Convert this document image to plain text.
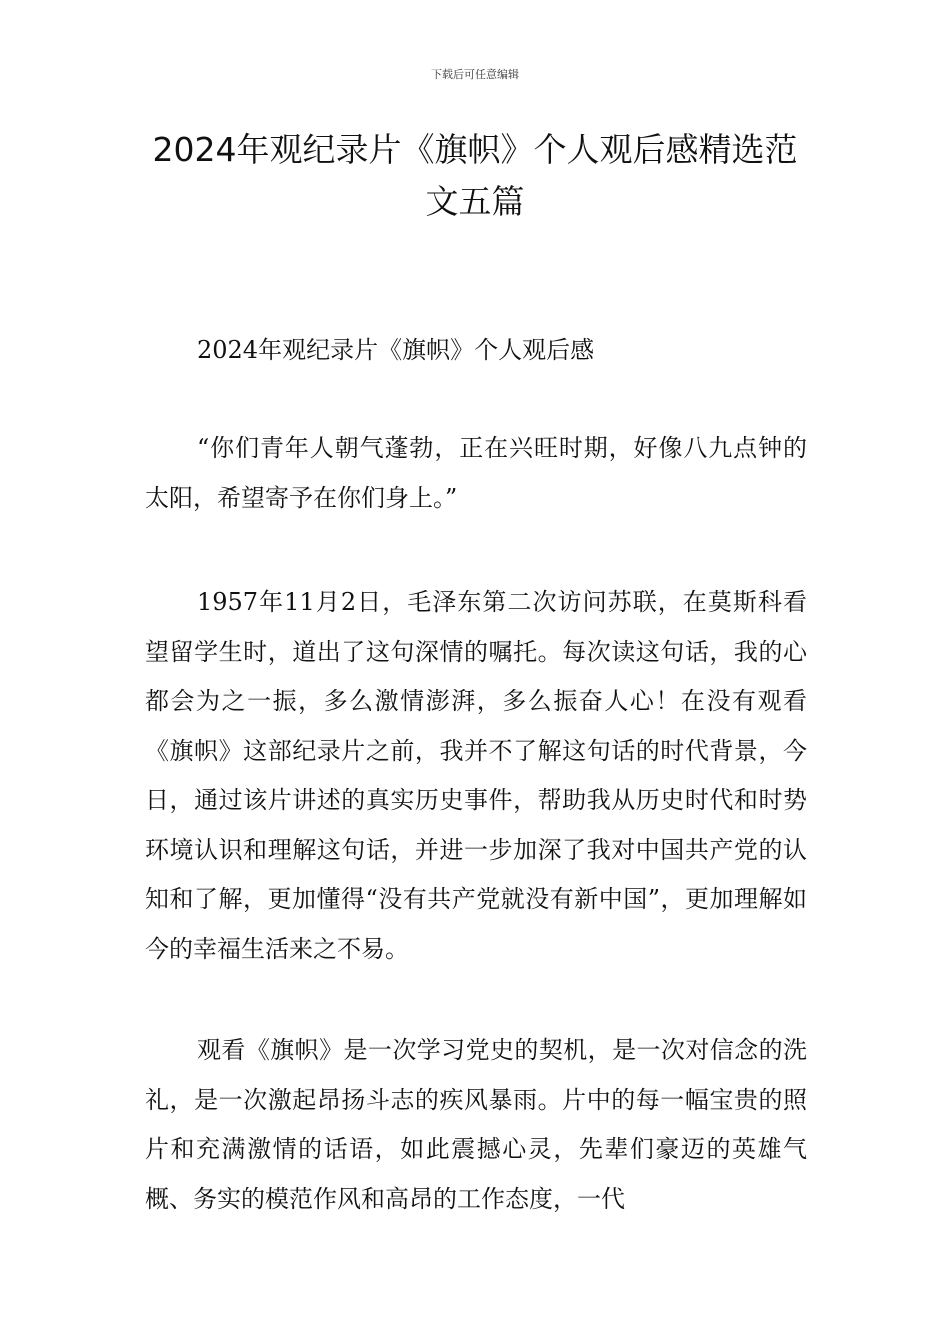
下载后可任意编辑
2024年观纪录片《旗帜》个人观后感精选范文五篇
2024年观纪录片《旗帜》个人观后感

“你们青年人朝气蓬勃，正在兴旺时期，好像八九点钟的太阳，希望寄予在你们身上。”

1957年11月2日，毛泽东第二次访问苏联，在莫斯科看望留学生时，道出了这句深情的嘱托。每次读这句话，我的心都会为之一振，多么激情澎湃，多么振奋人心！在没有观看《旗帜》这部纪录片之前，我并不了解这句话的时代背景，今日，通过该片讲述的真实历史事件，帮助我从历史时代和时势环境认识和理解这句话，并进一步加深了我对中国共产党的认知和了解，更加懂得“没有共产党就没有新中国”，更加理解如今的幸福生活来之不易。

观看《旗帜》是一次学习党史的契机，是一次对信念的洗礼，是一次激起昂扬斗志的疾风暴雨。片中的每一幅宝贵的照片和充满激情的话语，如此震撼心灵，先辈们豪迈的英雄气概、务实的模范作风和高昂的工作态度，一代
